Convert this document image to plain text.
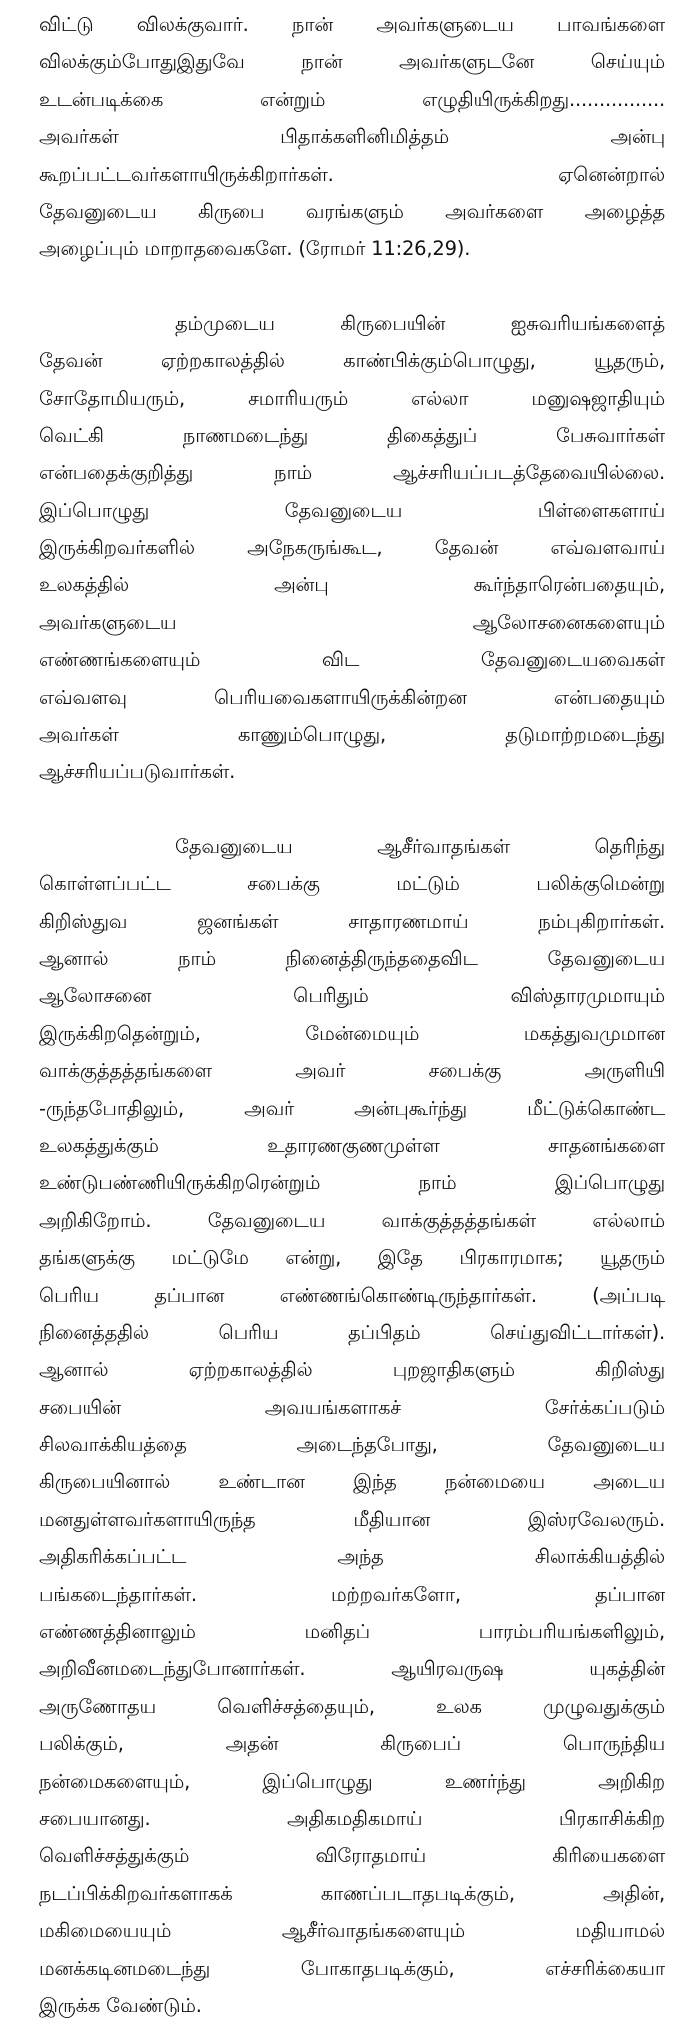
விட்டு விலக்குவார். நான் அவர்களுடைய பாவங்களை
விலக்கும்போதுஇதுவே நான் அவர்களுடனே செய்யும்
உடன்படிக்கை என்றும் எழுதியிருக்கிறது................
அவர்கள் பிதாக்களினிமித்தம் அன்பு
கூறப்பட்டவர்களாயிருக்கிறார்கள். ஏனென்றால்
தேவனுடைய கிருபை வரங்களும் அவர்களை அழைத்த
அழைப்பும் மாறாதவைகளே. (ரோமர் 11:26,29).
தம்முடைய கிருபையின் ஐசுவரியங்களைத்
தேவன் ஏற்றகாலத்தில் காண்பிக்கும்பொழுது, யூதரும்,
சோதோமியரும், சமாரியரும் எல்லா மனுஷஜாதியும்
வெட்கி நாணமடைந்து திகைத்துப் பேசுவார்கள்
என்பதைக்குறித்து நாம் ஆச்சரியப்படத்தேவையில்லை.
இப்பொழுது தேவனுடைய பிள்ளைகளாய்
இருக்கிறவர்களில் அநேகருங்கூட, தேவன் எவ்வளவாய்
உலகத்தில் அன்பு கூர்ந்தாரென்பதையும்,
அவர்களுடைய ஆலோசனைகளையும்
எண்ணங்களையும் விட தேவனுடையவைகள்
எவ்வளவு பெரியவைகளாயிருக்கின்றன என்பதையும்
அவர்கள் காணும்பொழுது, தடுமாற்றமடைந்து
ஆச்சரியப்படுவார்கள்.
தேவனுடைய ஆசீர்வாதங்கள் தெரிந்து
கொள்ளப்பட்ட சபைக்கு மட்டும் பலிக்குமென்று
கிறிஸ்துவ ஜனங்கள் சாதாரணமாய் நம்புகிறார்கள்.
ஆனால் நாம் நினைத்திருந்ததைவிட தேவனுடைய
ஆலோசனை பெரிதும் விஸ்தாரமுமாயும்
இருக்கிறதென்றும், மேன்மையும் மகத்துவமுமான
வாக்குத்தத்தங்களை அவர் சபைக்கு அருளியி
-ருந்தபோதிலும், அவர் அன்புகூர்ந்து மீட்டுக்கொண்ட
உலகத்துக்கும் உதாரணகுணமுள்ள சாதனங்களை
உண்டுபண்ணியிருக்கிறரென்றும் நாம் இப்பொழுது
அறிகிறோம். தேவனுடைய வாக்குத்தத்தங்கள் எல்லாம்
தங்களுக்கு மட்டுமே என்று, இதே பிரகாரமாக; யூதரும்
பெரிய தப்பான எண்ணங்கொண்டிருந்தார்கள். (அப்படி
நினைத்ததில் பெரிய தப்பிதம் செய்துவிட்டார்கள்).
ஆனால் ஏற்றகாலத்தில் புறஜாதிகளும் கிறிஸ்து
சபையின் அவயங்களாகச் சேர்க்கப்படும்
சிலவாக்கியத்தை அடைந்தபோது, தேவனுடைய
கிருபையினால் உண்டான இந்த நன்மையை அடைய
மனதுள்ளவர்களாயிருந்த மீதியான இஸ்ரவேலரும்.
அதிகரிக்கப்பட்ட அந்த சிலாக்கியத்தில்
பங்கடைந்தார்கள். மற்றவர்களோ, தப்பான
எண்ணத்தினாலும் மனிதப் பாரம்பரியங்களிலும்,
அறிவீனமடைந்துபோனார்கள். ஆயிரவருஷ யுகத்தின்
அருணோதய வெளிச்சத்தையும், உலக முழுவதுக்கும்
பலிக்கும், அதன் கிருபைப் பொருந்திய
நன்மைகளையும், இப்பொழுது உணர்ந்து அறிகிற
சபையானது. அதிகமதிகமாய் பிரகாசிக்கிற
வெளிச்சத்துக்கும் விரோதமாய் கிரியைகளை
நடப்பிக்கிறவர்களாகக் காணப்படாதபடிக்கும், அதின்,
மகிமையையும் ஆசீர்வாதங்களையும் மதியாமல்
மனக்கடினமடைந்து போகாதபடிக்கும், எச்சரிக்கையா
இருக்க வேண்டும்.
